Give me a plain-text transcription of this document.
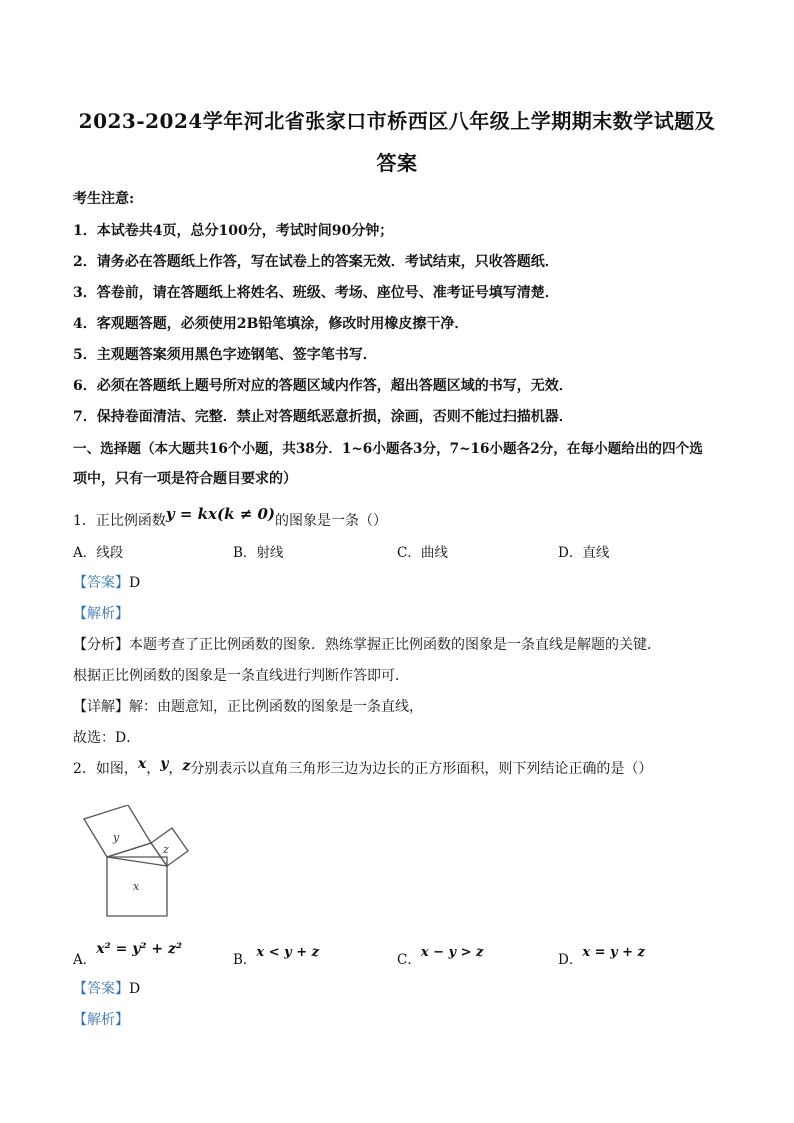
2023-2024学年河北省张家口市桥西区八年级上学期期末数学试题及
答案
考生注意:
1．本试卷共4页，总分100分，考试时间90分钟；
2．请务必在答题纸上作答，写在试卷上的答案无效．考试结束，只收答题纸．
3．答卷前，请在答题纸上将姓名、班级、考场、座位号、准考证号填写清楚．
4．客观题答题，必须使用2B铅笔填涂，修改时用橡皮擦干净．
5．主观题答案须用黑色字迹钢笔、签字笔书写．
6．必须在答题纸上题号所对应的答题区域内作答，超出答题区域的书写，无效．
7．保持卷面清洁、完整．禁止对答题纸恶意折损，涂画，否则不能过扫描机器．
一、选择题（本大题共16个小题，共38分．1~6小题各3分，7~16小题各2分，在每小题给出的四个选
项中，只有一项是符合题目要求的）
1．正比例函数y = kx(k ≠ 0)的图象是一条（）
A．线段	B．射线	C．曲线	D．直线
【答案】D
【解析】
【分析】本题考查了正比例函数的图象．熟练掌握正比例函数的图象是一条直线是解题的关键．
根据正比例函数的图象是一条直线进行判断作答即可．
【详解】解：由题意知，正比例函数的图象是一条直线，
故选：D．
2．如图，x，y，z分别表示以直角三角形三边为边长的正方形面积，则下列结论正确的是（）
y
z
x
A．x² = y² + z²
B．x < y + z	C．x − y > z	D．x = y + z
【答案】D
【解析】
